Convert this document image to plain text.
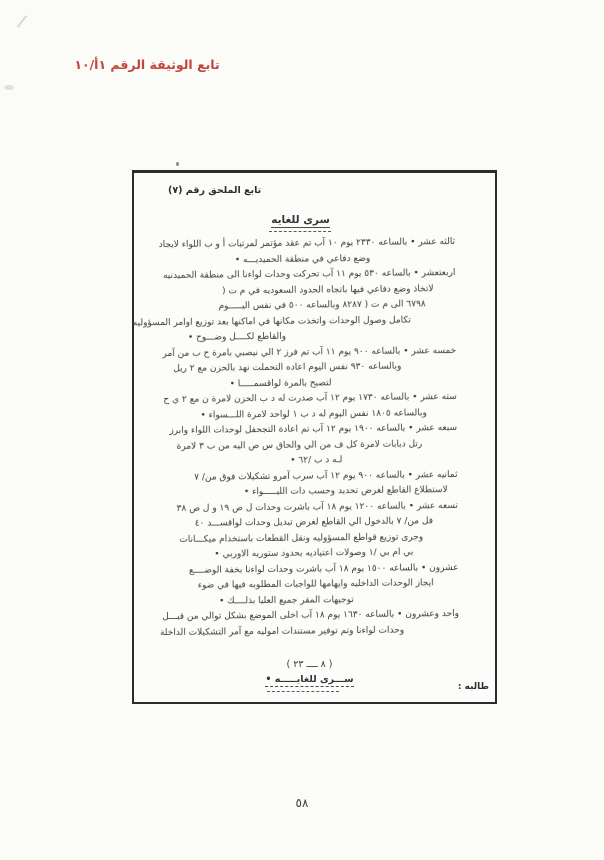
تابع الوثيقة الرقم ١أ/١٠
تابع الملحق رقم (٧)
سرى للغايه
ثالثه عشر • بالساعه ٢٣٣٠ يوم ١٠ آب تم عقد مؤتمر لمرتبات أ و ب اللواء لايجاد
وضع دفاعي في منطقة الحميديـــه •
اربعتعشر • بالساعه ٥٣٠ يوم ١١ آب تحركت وحدات لواءنا الى منطقة الحميدنيه
لاتخاذ وضع دفاعي فيها باتجاه الحدود السعوديه في م ت (
٦٧٩٨ الى م ت ( ٨٢٨٧ وبالساعه ٥٠٠ في نفس اليـــــوم
تكامل وصول الوحدات واتخذت مكانها في اماكنها بعد توزيع اوامر المسؤوليه
والقاطع لكــــل وضـــوح •
خمسه عشر • بالساعه ٩٠٠ يوم ١١ آب تم فرز ٢ الي نيصبي بامرة ح ب من آمر
وبالساعه ٩٣٠ نفس اليوم اعاده التحملت نهد بالحزن مع ٢ ريل
لتصبح بالمرة لواقسمـــــا •
سته عشر • بالساعه ١٧٣٠ يوم ١٢ آب صدرت له د ب الحزن لامرة ن مع ٢ ي ح
وبالساعه ١٨٠٥ نفس اليوم له د ب ١ لواحد لامرة اللـــسواء •
سبعه عشر • بالساعه ١٩٠٠ يوم ١٢ آب تم اعادة التجحفل لوحدات اللواء وابرز
رتل دبابات لامرة كل ف من الي والحاق س ص اليه من ب ٣ لامرة
لـه د ب /٦٢ •
ثمانيه عشر • بالساعه ٩٠٠ يوم ١٢ آب سرب آمرو تشكيلات فوق من/ ٧
لاستطلاع القاطع لغرض تحديد وحسب دات الليـــــواء •
تسعه عشر • بالساعه ١٢٠٠ يوم ١٨ آب باشرت وحدات ل ص ١٩ و ل ص ٣٨
فل من/ ٧ بالدخول الي القاطع لغرض تبديل وحدات لواقســـد ٤٠
وجرى توزيع قواطع المسؤوليه ونقل القطعات باستخدام ميكـــانات
بي ام بي /١ وصولات اعتياديه بحدود ستوريه الاوربي •
عشرون • بالساعه ١٥٠٠ يوم ١٨ آب باشرت وحدات لواءنا بخفة الوضــــع
ايجاز الوحدات الداخليه وايهامها للواجبات المطلوبه فيها في ضوء
توجيهات المقر جميع العليا بذلــــك •
واحد وعشرون • بالساعه ١٦٣٠ يوم ١٨ آب اخلى الموضع بشكل توالي من قبـــل
وحدات لواءنا وتم توفير مستندات اموليه مع آمر التشكيلات الداخلة
( ٨ ــــ ٢٣ )
ســـرى للغايـــــه •
طالبه :
٥٨
